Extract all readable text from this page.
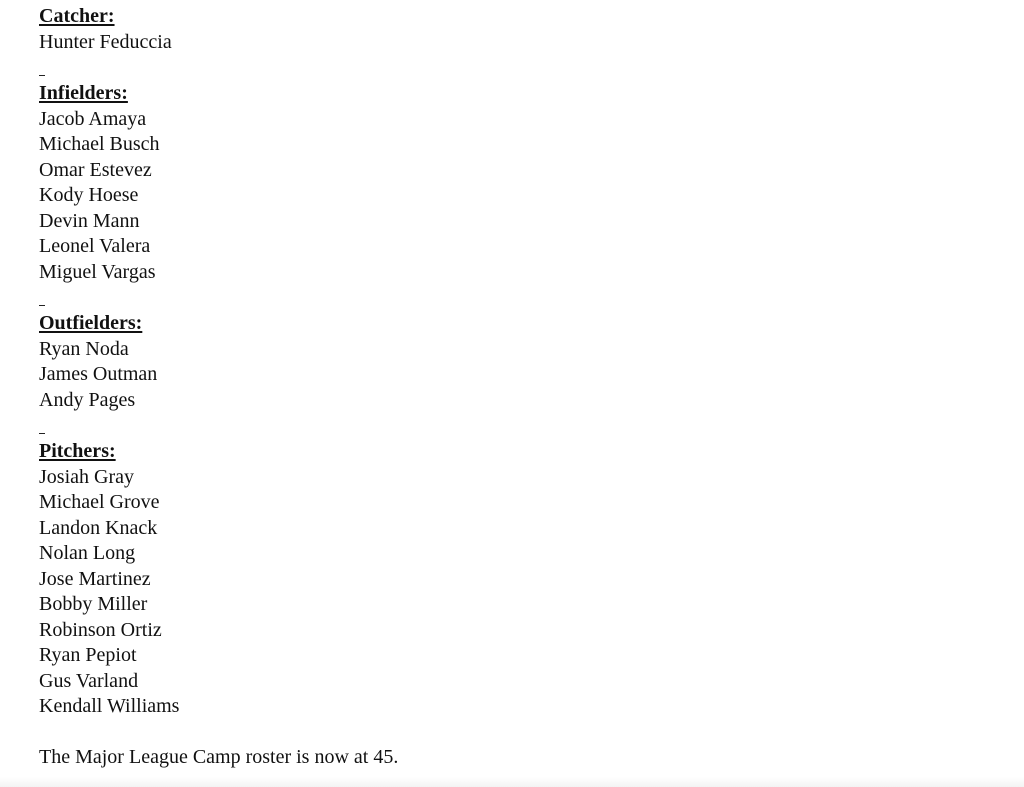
Catcher:
Hunter Feduccia
Infielders:
Jacob Amaya
Michael Busch
Omar Estevez
Kody Hoese
Devin Mann
Leonel Valera
Miguel Vargas
Outfielders:
Ryan Noda
James Outman
Andy Pages
Pitchers:
Josiah Gray
Michael Grove
Landon Knack
Nolan Long
Jose Martinez
Bobby Miller
Robinson Ortiz
Ryan Pepiot
Gus Varland
Kendall Williams
The Major League Camp roster is now at 45.
